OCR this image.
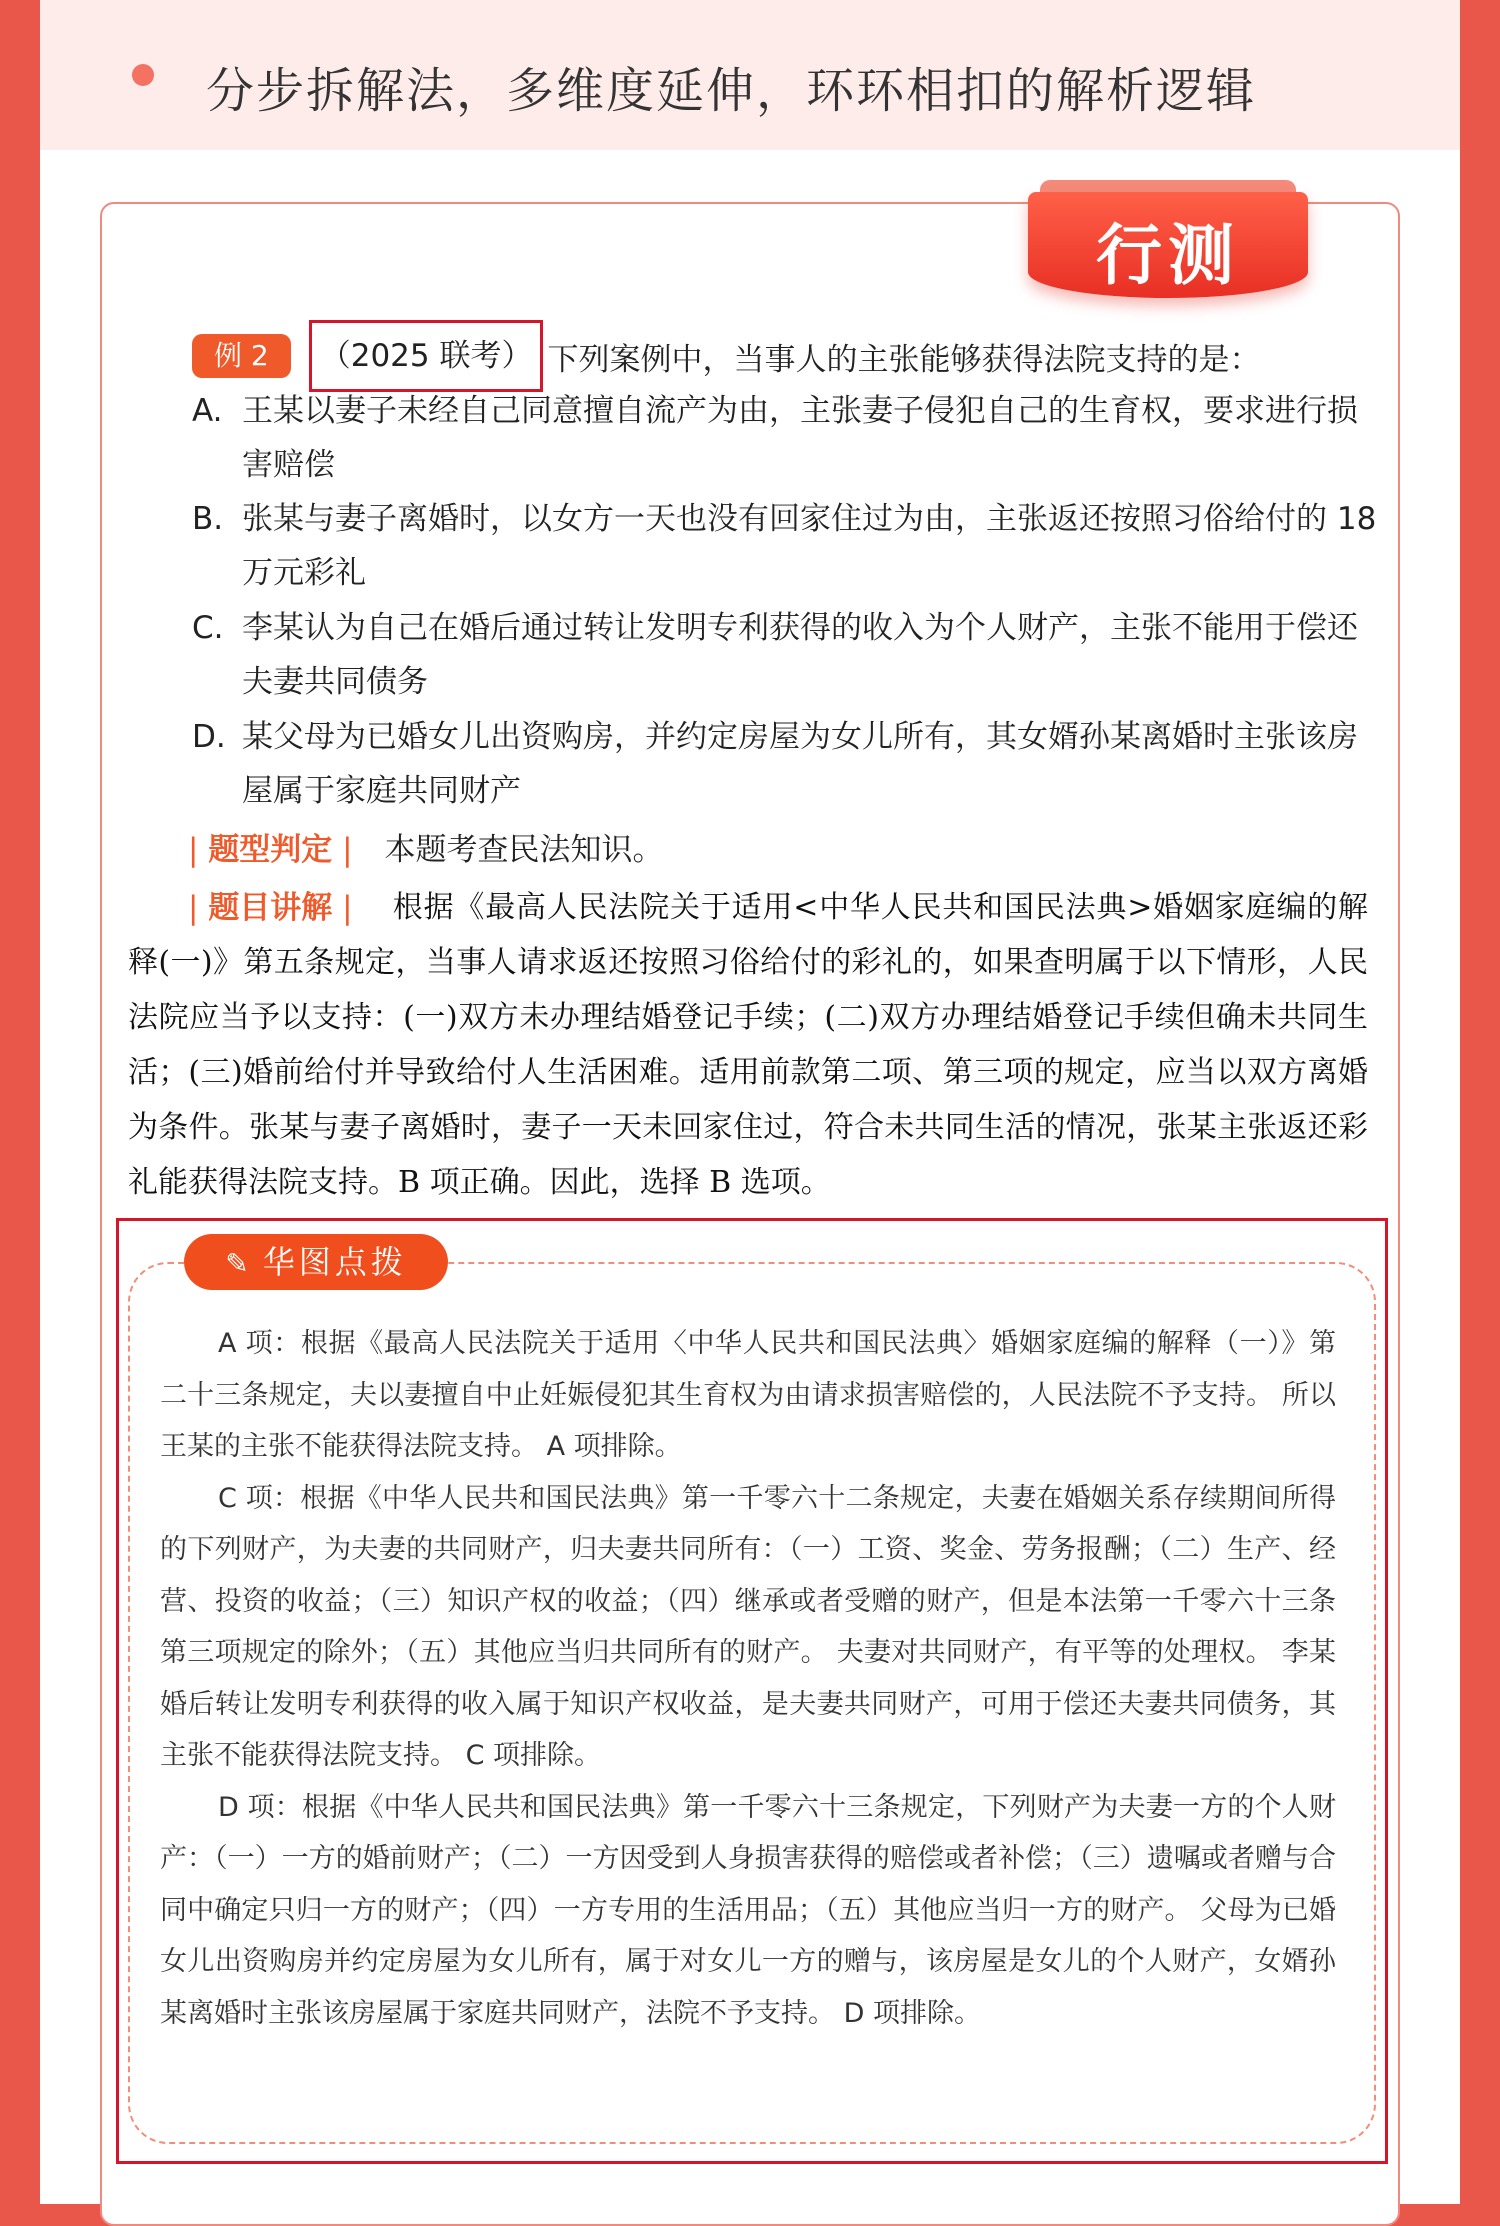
分步拆解法，多维度延伸，环环相扣的解析逻辑
行测
例 2	（2025 联考） 下列案例中，当事人的主张能够获得法院支持的是：
A. 王某以妻子未经自己同意擅自流产为由，主张妻子侵犯自己的生育权，要求进行损害赔偿
B. 张某与妻子离婚时，以女方一天也没有回家住过为由，主张返还按照习俗给付的 18 万元彩礼
C. 李某认为自己在婚后通过转让发明专利获得的收入为个人财产，主张不能用于偿还夫妻共同债务
D. 某父母为已婚女儿出资购房，并约定房屋为女儿所有，其女婿孙某离婚时主张该房屋属于家庭共同财产
| 题型判定 | 本题考查民法知识。
| 题目讲解 |	根据《最高人民法院关于适用<中华人民共和国民法典>婚姻家庭编的解释(一)》第五条规定，当事人请求返还按照习俗给付的彩礼的，如果查明属于以下情形，人民法院应当予以支持：(一)双方未办理结婚登记手续；(二)双方办理结婚登记手续但确未共同生活；(三)婚前给付并导致给付人生活困难。适用前款第二项、第三项的规定，应当以双方离婚为条件。张某与妻子离婚时，妻子一天未回家住过，符合未共同生活的情况，张某主张返还彩礼能获得法院支持。B 项正确。因此，选择 B 选项。
✎ 华图点拨

A 项：根据《最高人民法院关于适用〈中华人民共和国民法典〉婚姻家庭编的解释（一）》第二十三条规定，夫以妻擅自中止妊娠侵犯其生育权为由请求损害赔偿的，人民法院不予支持。 所以王某的主张不能获得法院支持。 A 项排除。

C 项：根据《中华人民共和国民法典》第一千零六十二条规定，夫妻在婚姻关系存续期间所得的下列财产，为夫妻的共同财产，归夫妻共同所有：（一）工资、奖金、劳务报酬；（二）生产、经营、投资的收益；（三）知识产权的收益；（四）继承或者受赠的财产，但是本法第一千零六十三条第三项规定的除外；（五）其他应当归共同所有的财产。 夫妻对共同财产，有平等的处理权。 李某婚后转让发明专利获得的收入属于知识产权收益，是夫妻共同财产，可用于偿还夫妻共同债务，其主张不能获得法院支持。 C 项排除。

D 项：根据《中华人民共和国民法典》第一千零六十三条规定，下列财产为夫妻一方的个人财产：（一）一方的婚前财产；（二）一方因受到人身损害获得的赔偿或者补偿；（三）遗嘱或者赠与合同中确定只归一方的财产；（四）一方专用的生活用品；（五）其他应当归一方的财产。 父母为已婚女儿出资购房并约定房屋为女儿所有，属于对女儿一方的赠与，该房屋是女儿的个人财产，女婿孙某离婚时主张该房屋属于家庭共同财产，法院不予支持。 D 项排除。
